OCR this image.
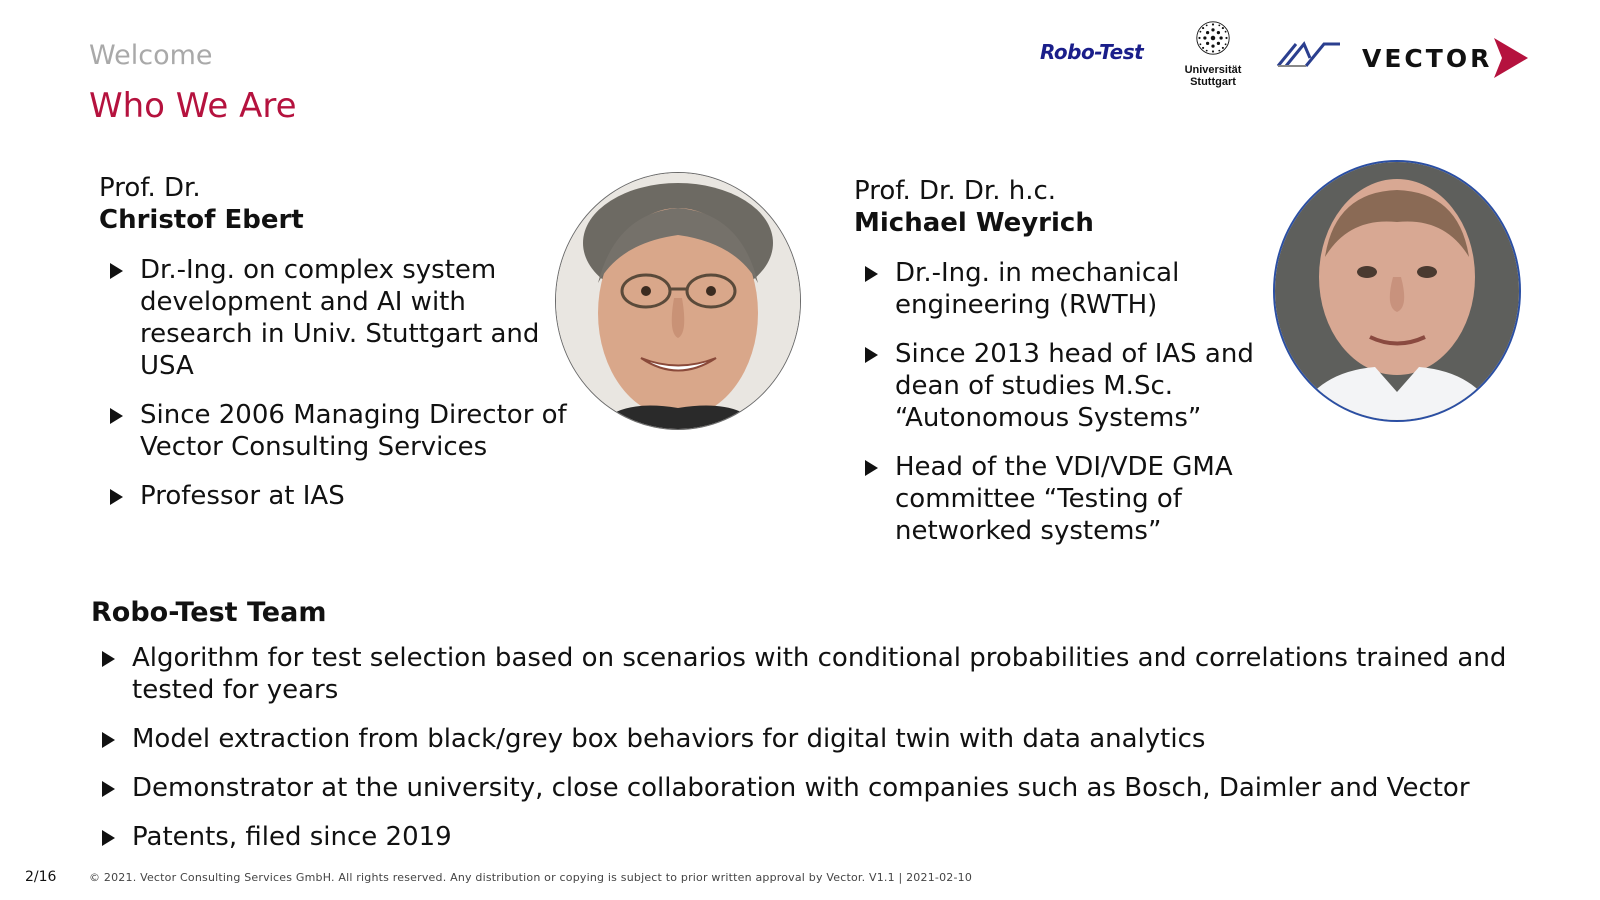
Welcome
Who We Are
Robo-Test
Universität
Stuttgart
VECTOR
Prof. Dr.
Christof Ebert
Dr.-Ing. on complex system development and AI with research in Univ. Stuttgart and USA
Since 2006 Managing Director of Vector Consulting Services
Professor at IAS
Prof. Dr. Dr. h.c.
Michael Weyrich
Dr.-Ing. in mechanical engineering (RWTH)
Since 2013 head of IAS and dean of studies M.Sc. “Autonomous Systems”
Head of the VDI/VDE GMA committee “Testing of networked systems”
Robo-Test Team
Algorithm for test selection based on scenarios with conditional probabilities and correlations trained and tested for years
Model extraction from black/grey box behaviors for digital twin with data analytics
Demonstrator at the university, close collaboration with companies such as Bosch, Daimler and Vector
Patents, filed since 2019
2/16	© 2021. Vector Consulting Services GmbH. All rights reserved. Any distribution or copying is subject to prior written approval by Vector. V1.1 | 2021-02-10
